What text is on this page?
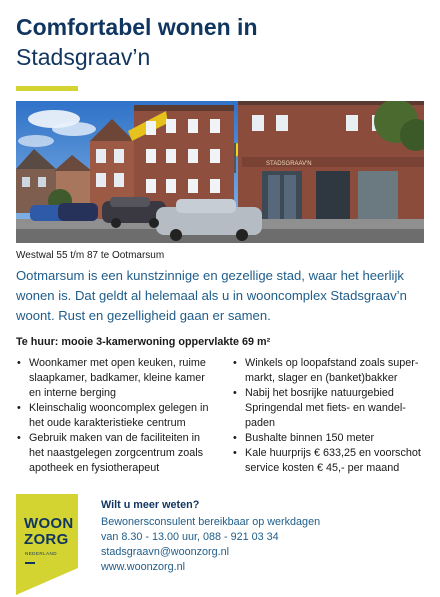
Comfortabel wonen in
Stadsgraav’n
STADSGRAAV'N
Westwal 55 t/m 87 te Ootmarsum

Ootmarsum is een kunstzinnige en gezellige stad, waar het heerlijk wonen is. Dat geldt al helemaal als u in wooncomplex Stadsgraav’n woont. Rust en gezelligheid gaan er samen.

Te huur: mooie 3-kamerwoning oppervlakte 69 m²
• Woonkamer met open keuken, ruime
slaapkamer, badkamer, kleine kamer
en interne berging
• Kleinschalig wooncomplex gelegen in
het oude karakteristieke centrum
• Gebruik maken van de faciliteiten in
het naastgelegen zorgcentrum zoals
apotheek en fysiotherapeut
• Winkels op loopafstand zoals super-
markt, slager en (banket)bakker
• Nabij het bosrijke natuurgebied
Springendal met fiets- en wandel-
paden
• Bushalte binnen 150 meter
• Kale huurprijs € 633,25 en voorschot
service kosten € 45,- per maand
WOON
ZORG
NEDERLAND
Wilt u meer weten?
Bewonersconsulent bereikbaar op werkdagen
van 8.30 - 13.00 uur, 088 - 921 03 34
stadsgraavn@woonzorg.nl
www.woonzorg.nl
